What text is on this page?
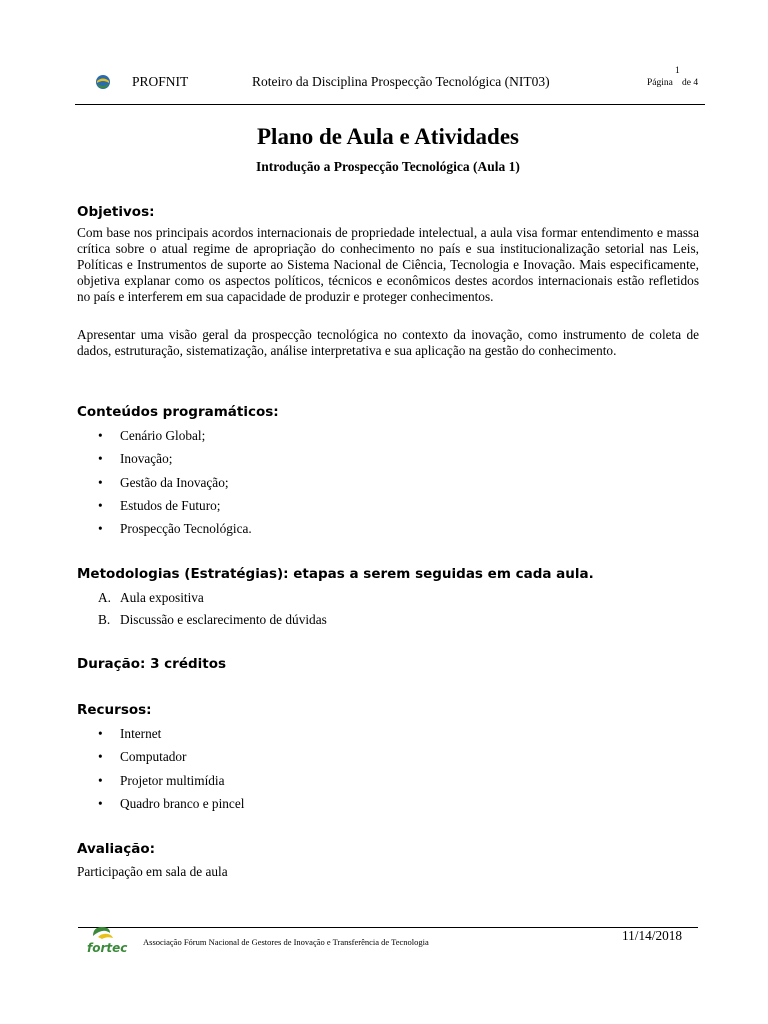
PROFNIT	Roteiro da Disciplina Prospecção Tecnológica (NIT03)
1
Página de 4
Plano de Aula e Atividades
Introdução a Prospecção Tecnológica (Aula 1)
Objetivos:

Com base nos principais acordos internacionais de propriedade intelectual, a aula visa formar entendimento e massa crítica sobre o atual regime de apropriação do conhecimento no país e sua institucionalização setorial nas Leis, Políticas e Instrumentos de suporte ao Sistema Nacional de Ciência, Tecnologia e Inovação. Mais especificamente, objetiva explanar como os aspectos políticos, técnicos e econômicos destes acordos internacionais estão refletidos no país e interferem em sua capacidade de produzir e proteger conhecimentos.

Apresentar uma visão geral da prospecção tecnológica no contexto da inovação, como instrumento de coleta de dados, estruturação, sistematização, análise interpretativa e sua aplicação na gestão do conhecimento.

Conteúdos programáticos:
• Cenário Global;
• Inovação;
• Gestão da Inovação;
• Estudos de Futuro;
• Prospecção Tecnológica.
Metodologias (Estratégias): etapas a serem seguidas em cada aula.
A. Aula expositiva
B. Discussão e esclarecimento de dúvidas
Duração: 3 créditos
Recursos:
• Internet
• Computador
• Projetor multimídia
• Quadro branco e pincel
Avaliação:
Participação em sala de aula
fortec Associação Fórum Nacional de Gestores de Inovação e Transferência de Tecnologia	11/14/2018
